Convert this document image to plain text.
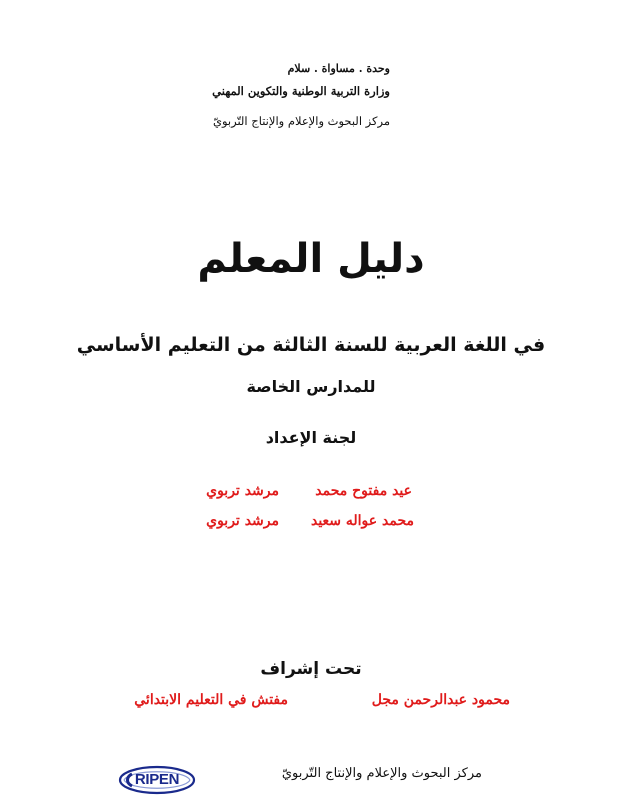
وحدة . مساواة . سلام
وزارة التربية الوطنية والتكوين المهني
مركز البحوث والإعلام والإنتاج التّربويّ
دليل المعلم
في اللغة العربية للسنة الثالثة من التعليم الأساسي
للمدارس الخاصة
لجنة الإعداد
عيد مفتوح محمد
مرشد تربوي
محمد عواله سعيد
مرشد تربوي
تحت إشراف
محمود عبدالرحمن مجل
مفتش في التعليم الابتدائي
مركز البحوث والإعلام والإنتاج التّربويّ
RIPEN
